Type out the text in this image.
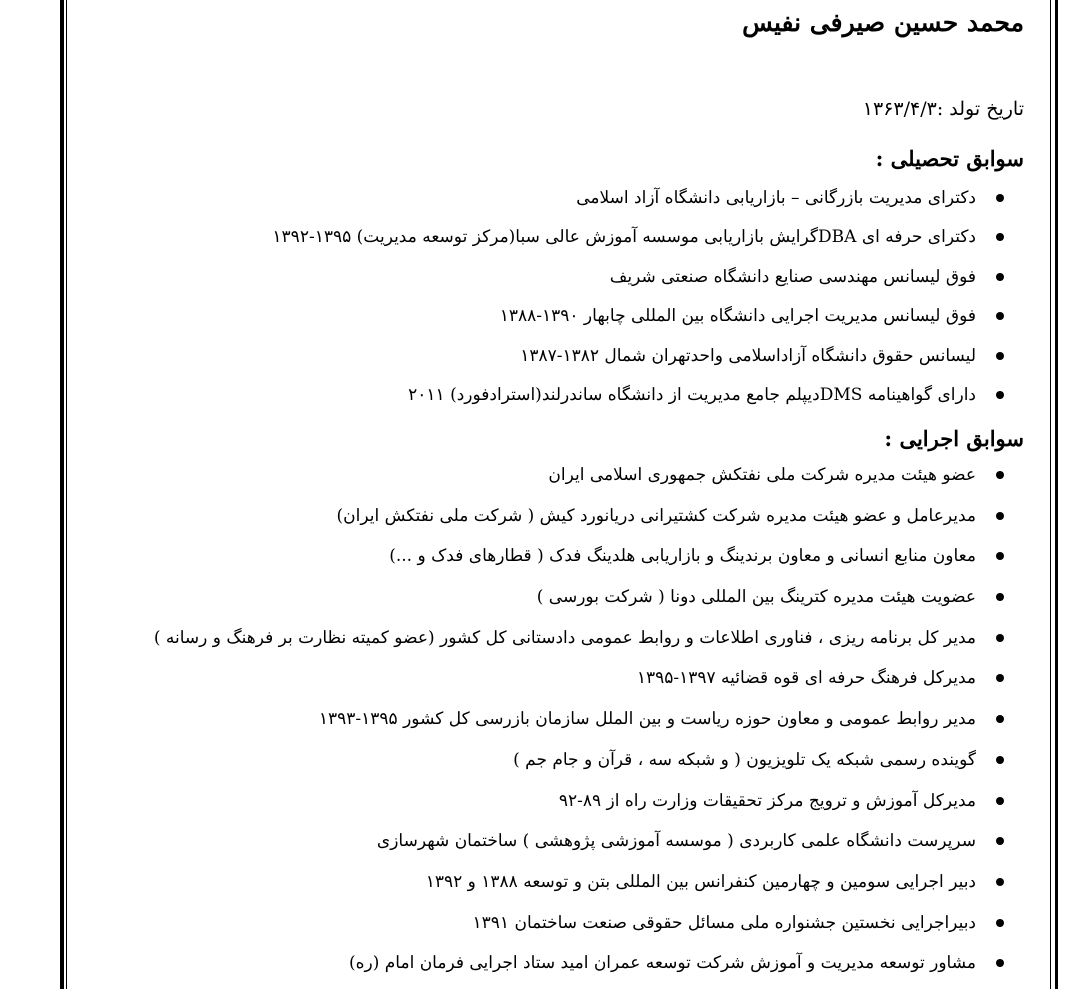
محمد حسین صیرفی نفیس

تاریخ تولد :۱۳۶۳/۴/۳

سوابق تحصیلی :
دکترای مدیریت بازرگانی – بازاریابی دانشگاه آزاد اسلامی
دکترای حرفه ای DBAگرایش بازاریابی موسسه آموزش عالی سبا(مرکز توسعه مدیریت) ۱۳۹۵-۱۳۹۲
فوق لیسانس مهندسی صنایع دانشگاه صنعتی شریف
فوق لیسانس مدیریت اجرایی دانشگاه بین المللی چابهار ۱۳۹۰-۱۳۸۸
لیسانس حقوق دانشگاه آزاداسلامی واحدتهران شمال ۱۳۸۲-۱۳۸۷
دارای گواهینامه DMSدیپلم جامع مدیریت از دانشگاه ساندرلند(استرادفورد) ۲۰۱۱
سوابق اجرایی :
عضو هیئت مدیره شرکت ملی نفتکش جمهوری اسلامی ایران
مدیرعامل و عضو هیئت مدیره شرکت کشتیرانی دریانورد کیش ( شرکت ملی نفتکش ایران)
معاون منابع انسانی و معاون برندینگ و بازاریابی هلدینگ فدک ( قطارهای فدک و ...)
عضویت هیئت مدیره کترینگ بین المللی دونا ( شرکت بورسی )
مدیر کل برنامه ریزی ، فناوری اطلاعات و روابط عمومی دادستانی کل کشور (عضو کمیته نظارت بر فرهنگ و رسانه )
مدیرکل فرهنگ حرفه ای قوه قضائیه ۱۳۹۷-۱۳۹۵
مدیر روابط عمومی و معاون حوزه ریاست و بین الملل سازمان بازرسی کل کشور ۱۳۹۵-۱۳۹۳
گوینده رسمی شبکه یک تلویزیون ( و شبکه سه ، قرآن و جام جم )
مدیرکل آموزش و ترویج مرکز تحقیقات وزارت راه از ۸۹-۹۲
سرپرست دانشگاه علمی کاربردی ( موسسه آموزشی پژوهشی ) ساختمان شهرسازی
دبیر اجرایی سومین و چهارمین کنفرانس بین المللی بتن و توسعه ۱۳۸۸ و ۱۳۹۲
دبیراجرایی نخستین جشنواره ملی مسائل حقوقی صنعت ساختمان ۱۳۹۱
مشاور توسعه مدیریت و آموزش شرکت توسعه عمران امید ستاد اجرایی فرمان امام (ره)
